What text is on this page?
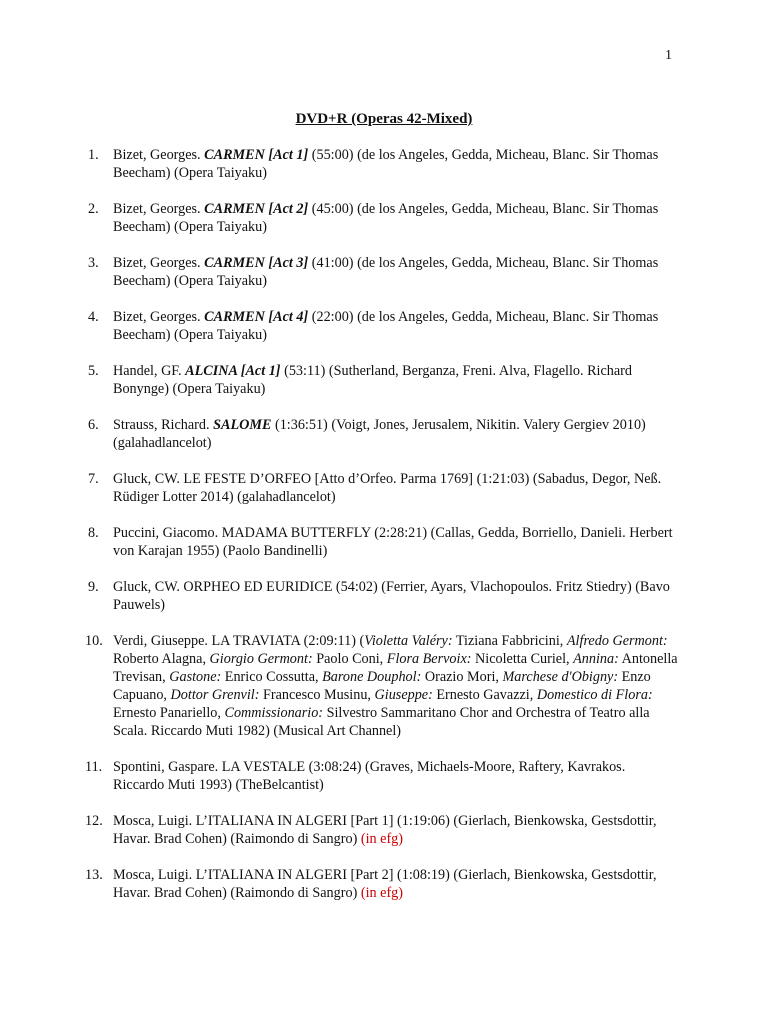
1
DVD+R (Operas 42-Mixed)
1.	Bizet, Georges. CARMEN [Act 1] (55:00) (de los Angeles, Gedda, Micheau, Blanc. Sir Thomas Beecham) (Opera Taiyaku)
2.	Bizet, Georges. CARMEN [Act 2] (45:00) (de los Angeles, Gedda, Micheau, Blanc. Sir Thomas Beecham) (Opera Taiyaku)
3.	Bizet, Georges. CARMEN [Act 3] (41:00) (de los Angeles, Gedda, Micheau, Blanc. Sir Thomas Beecham) (Opera Taiyaku)
4.	Bizet, Georges. CARMEN [Act 4] (22:00) (de los Angeles, Gedda, Micheau, Blanc. Sir Thomas Beecham) (Opera Taiyaku)
5.	Handel, GF. ALCINA [Act 1] (53:11) (Sutherland, Berganza, Freni. Alva, Flagello. Richard Bonynge) (Opera Taiyaku)
6.	Strauss, Richard. SALOME (1:36:51) (Voigt, Jones, Jerusalem, Nikitin. Valery Gergiev 2010) (galahadlancelot)
7.	Gluck, CW. LE FESTE D’ORFEO [Atto d’Orfeo. Parma 1769] (1:21:03) (Sabadus, Degor, Neß. Rüdiger Lotter 2014) (galahadlancelot)
8.	Puccini, Giacomo. MADAMA BUTTERFLY (2:28:21) (Callas, Gedda, Borriello, Danieli. Herbert von Karajan 1955) (Paolo Bandinelli)
9.	Gluck, CW. ORPHEO ED EURIDICE (54:02) (Ferrier, Ayars, Vlachopoulos. Fritz Stiedry) (Bavo Pauwels)
10. Verdi, Giuseppe. LA TRAVIATA (2:09:11) (Violetta Valéry: Tiziana Fabbricini, Alfredo Germont: Roberto Alagna, Giorgio Germont: Paolo Coni, Flora Bervoix: Nicoletta Curiel, Annina: Antonella Trevisan, Gastone: Enrico Cossutta, Barone Douphol: Orazio Mori, Marchese d'Obigny: Enzo Capuano, Dottor Grenvil: Francesco Musinu, Giuseppe: Ernesto Gavazzi, Domestico di Flora: Ernesto Panariello, Commissionario: Silvestro Sammaritano Chor and Orchestra of Teatro alla Scala. Riccardo Muti 1982) (Musical Art Channel)
11. Spontini, Gaspare. LA VESTALE (3:08:24) (Graves, Michaels-Moore, Raftery, Kavrakos. Riccardo Muti 1993) (TheBelcantist)
12. Mosca, Luigi. L’ITALIANA IN ALGERI [Part 1] (1:19:06) (Gierlach, Bienkowska, Gestsdottir, Havar. Brad Cohen) (Raimondo di Sangro) (in efg)
13. Mosca, Luigi. L’ITALIANA IN ALGERI [Part 2] (1:08:19) (Gierlach, Bienkowska, Gestsdottir, Havar. Brad Cohen) (Raimondo di Sangro) (in efg)
